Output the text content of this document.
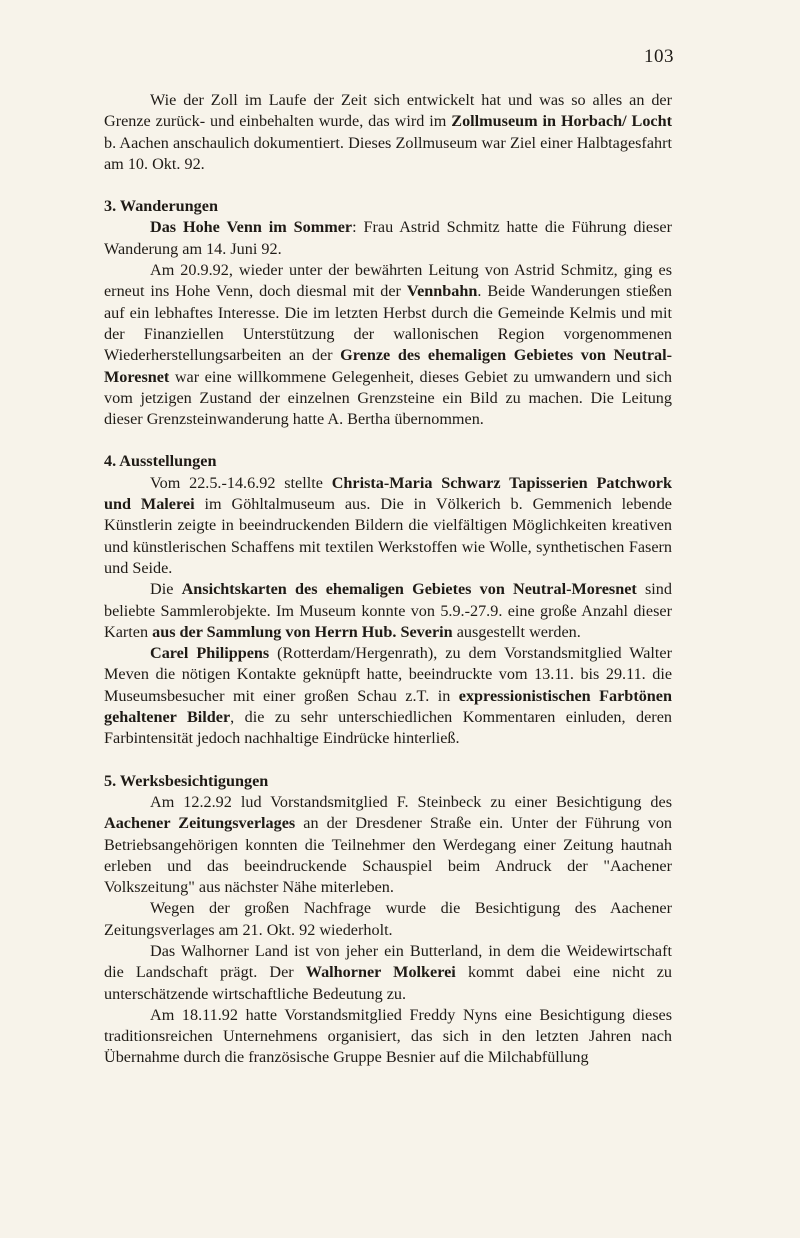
103

Wie der Zoll im Laufe der Zeit sich entwickelt hat und was so alles an der Grenze zurück- und einbehalten wurde, das wird im Zollmuseum in Horbach/ Locht b. Aachen anschaulich dokumentiert. Dieses Zollmuseum war Ziel einer Halbtagesfahrt am 10. Okt. 92.

3. Wanderungen

Das Hohe Venn im Sommer: Frau Astrid Schmitz hatte die Führung dieser Wanderung am 14. Juni 92.

Am 20.9.92, wieder unter der bewährten Leitung von Astrid Schmitz, ging es erneut ins Hohe Venn, doch diesmal mit der Vennbahn. Beide Wanderungen stießen auf ein lebhaftes Interesse. Die im letzten Herbst durch die Gemeinde Kelmis und mit der Finanziellen Unterstützung der wallonischen Region vorgenommenen Wiederherstellungsarbeiten an der Grenze des ehemaligen Gebietes von Neutral-Moresnet war eine willkommene Gelegenheit, dieses Gebiet zu umwandern und sich vom jetzigen Zustand der einzelnen Grenzsteine ein Bild zu machen. Die Leitung dieser Grenzsteinwanderung hatte A. Bertha übernommen.

4. Ausstellungen

Vom 22.5.-14.6.92 stellte Christa-Maria Schwarz Tapisserien Patchwork und Malerei im Göhltalmuseum aus. Die in Völkerich b. Gemmenich lebende Künstlerin zeigte in beeindruckenden Bildern die vielfältigen Möglichkeiten kreativen und künstlerischen Schaffens mit textilen Werkstoffen wie Wolle, synthetischen Fasern und Seide.

Die Ansichtskarten des ehemaligen Gebietes von Neutral-Moresnet sind beliebte Sammlerobjekte. Im Museum konnte von 5.9.-27.9. eine große Anzahl dieser Karten aus der Sammlung von Herrn Hub. Severin ausgestellt werden.

Carel Philippens (Rotterdam/Hergenrath), zu dem Vorstandsmitglied Walter Meven die nötigen Kontakte geknüpft hatte, beeindruckte vom 13.11. bis 29.11. die Museumsbesucher mit einer großen Schau z.T. in expressionistischen Farbtönen gehaltener Bilder, die zu sehr unterschiedlichen Kommentaren einluden, deren Farbintensität jedoch nachhaltige Eindrücke hinterließ.

5. Werksbesichtigungen

Am 12.2.92 lud Vorstandsmitglied F. Steinbeck zu einer Besichtigung des Aachener Zeitungsverlages an der Dresdener Straße ein. Unter der Führung von Betriebsangehörigen konnten die Teilnehmer den Werdegang einer Zeitung hautnah erleben und das beeindruckende Schauspiel beim Andruck der "Aachener Volkszeitung" aus nächster Nähe miterleben.

Wegen der großen Nachfrage wurde die Besichtigung des Aachener Zeitungsverlages am 21. Okt. 92 wiederholt.

Das Walhorner Land ist von jeher ein Butterland, in dem die Weidewirtschaft die Landschaft prägt. Der Walhorner Molkerei kommt dabei eine nicht zu unterschätzende wirtschaftliche Bedeutung zu.

Am 18.11.92 hatte Vorstandsmitglied Freddy Nyns eine Besichtigung dieses traditionsreichen Unternehmens organisiert, das sich in den letzten Jahren nach Übernahme durch die französische Gruppe Besnier auf die Milchabfüllung
